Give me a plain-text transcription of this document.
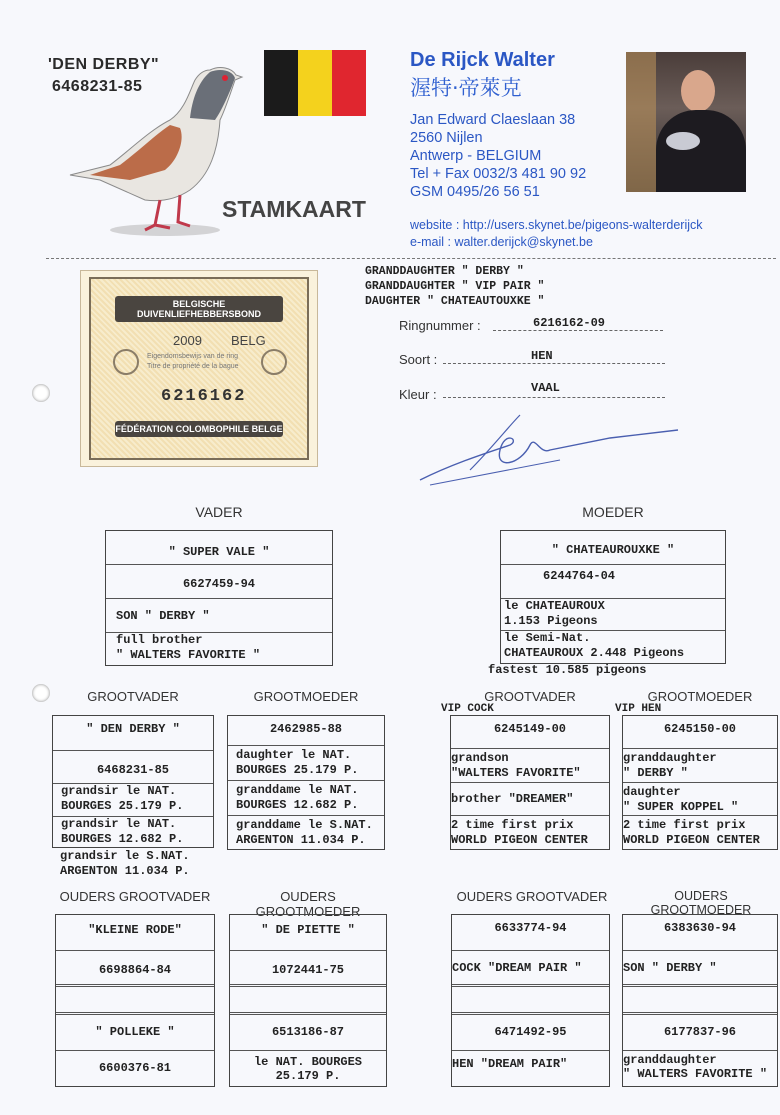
'DEN DERBY"
6468231-85
STAMKAART
De Rijck Walter
渥特·帝萊克
Jan Edward Claeslaan 38
2560 Nijlen
Antwerp - BELGIUM
Tel + Fax 0032/3 481 90 92
GSM 0495/26 56 51
website : http://users.skynet.be/pigeons-walterderijck
e-mail : walter.derijck@skynet.be
BELGISCHE DUIVENLIEFHEBBERSBOND
2009 BELG
Eigendomsbewijs van de ring
Titre de propriété de la bague
6216162
FÉDÉRATION COLOMBOPHILE BELGE
GRANDDAUGHTER " DERBY "
GRANDDAUGHTER " VIP PAIR "
DAUGHTER " CHATEAUTOUXKE "
Ringnummer :	6216162-09
Soort :	HEN
Kleur :	VAAL
VADER
" SUPER VALE "
6627459-94
SON " DERBY "
full brother
" WALTERS FAVORITE "
MOEDER
" CHATEAUROUXKE "
6244764-04
le CHATEAUROUX
1.153 Pigeons
le Semi-Nat.
CHATEAUROUX 2.448 Pigeons
fastest 10.585 pigeons
GROOTVADER
" DEN DERBY "
6468231-85
grandsir le NAT.
BOURGES 25.179 P.
grandsir le NAT.
BOURGES 12.682 P.
grandsir le S.NAT.
ARGENTON 11.034 P.
GROOTMOEDER
2462985-88
daughter le NAT.
BOURGES 25.179 P.
granddame le NAT.
BOURGES 12.682 P.
granddame le S.NAT.
ARGENTON 11.034 P.
GROOTVADER
VIP COCK
6245149-00
grandson
"WALTERS FAVORITE"
brother "DREAMER"
2 time first prix
WORLD PIGEON CENTER
GROOTMOEDER
VIP HEN
6245150-00
granddaughter
" DERBY "
daughter
" SUPER KOPPEL "
2 time first prix
WORLD PIGEON CENTER
OUDERS GROOTVADER
"KLEINE RODE"
6698864-84
" POLLEKE "
6600376-81
OUDERS GROOTMOEDER
" DE PIETTE "
1072441-75
6513186-87
le NAT. BOURGES
25.179 P.
OUDERS GROOTVADER
6633774-94
COCK "DREAM PAIR "
6471492-95
HEN "DREAM PAIR"
OUDERS GROOTMOEDER
6383630-94
SON " DERBY "
6177837-96
granddaughter
" WALTERS FAVORITE "
